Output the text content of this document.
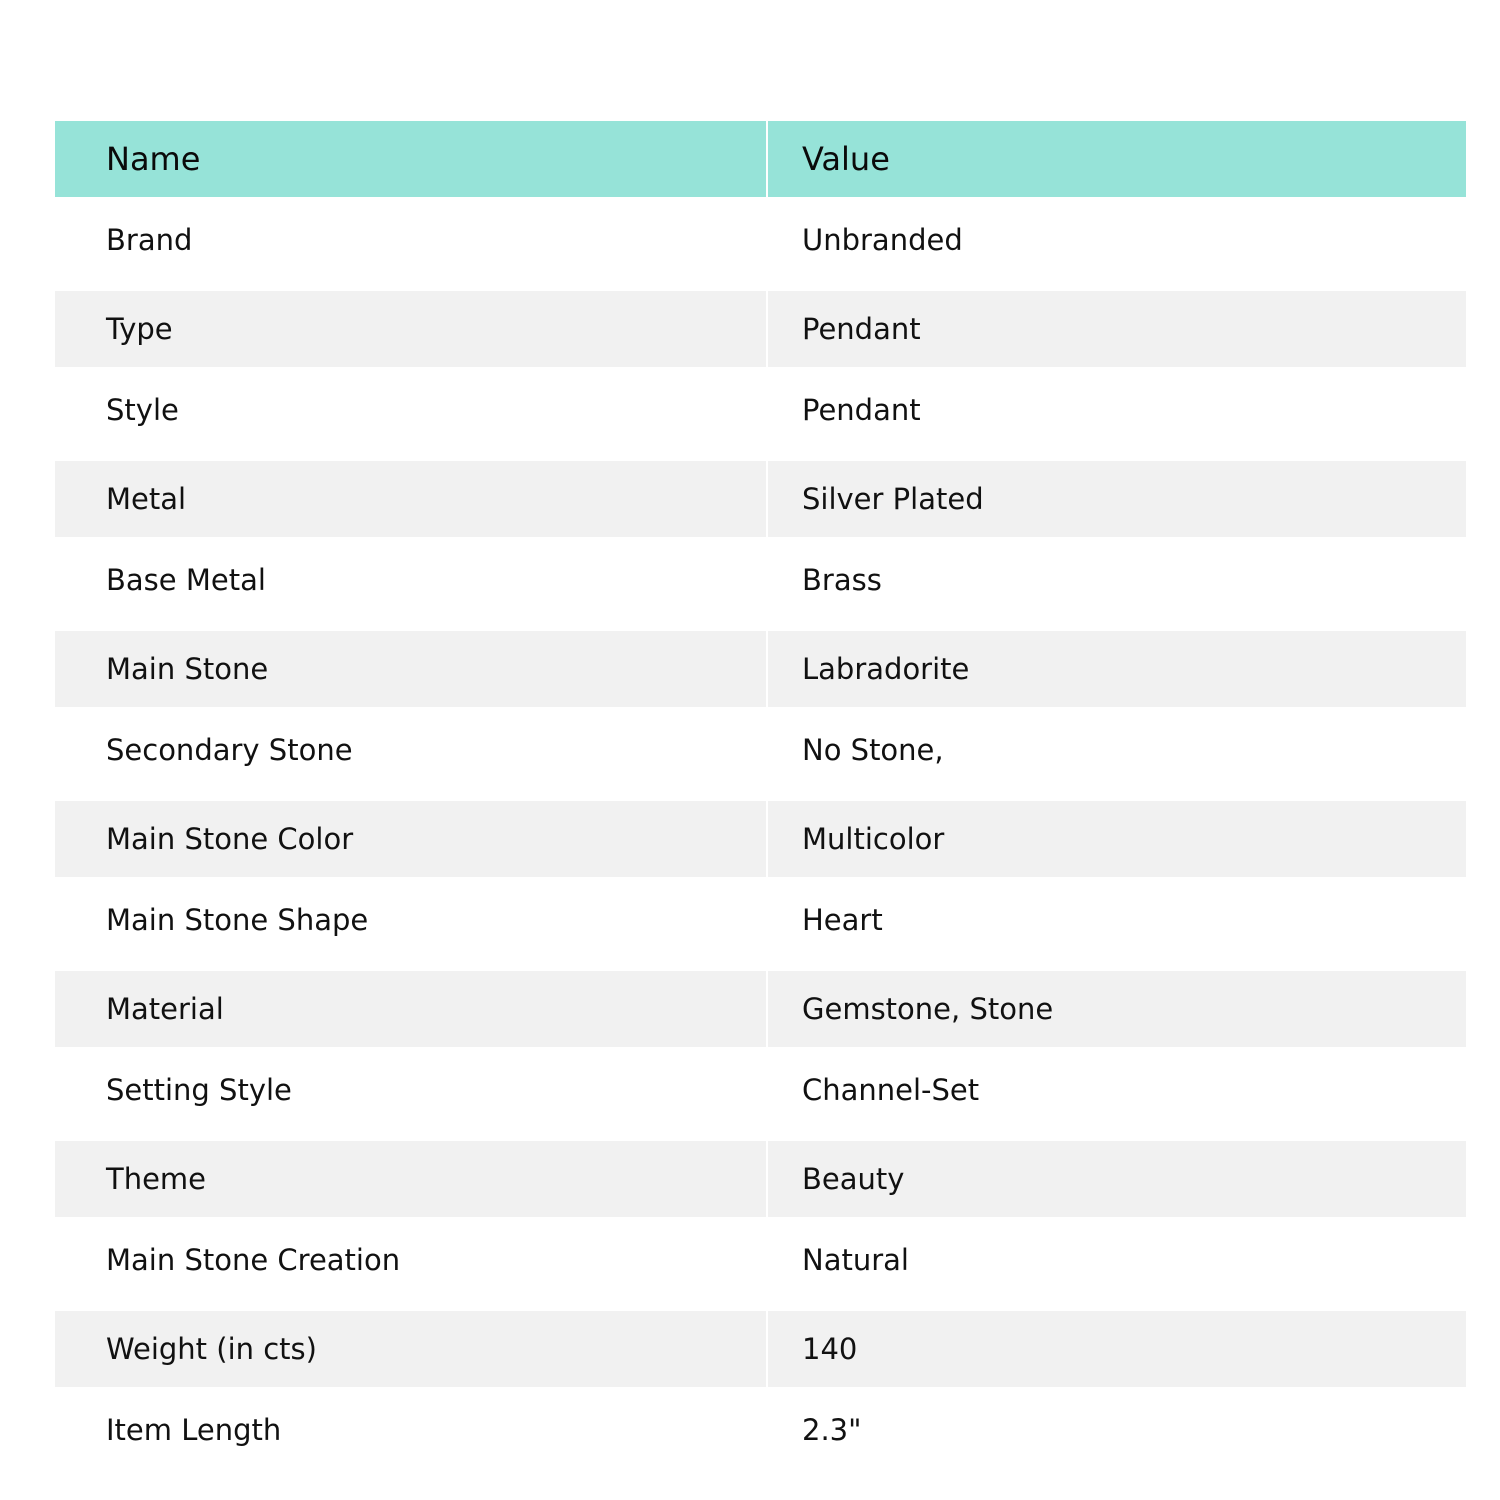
Name	Value
Brand	Unbranded
Type	Pendant
Style	Pendant
Metal	Silver Plated
Base Metal	Brass
Main Stone	Labradorite
Secondary Stone	No Stone,
Main Stone Color	Multicolor
Main Stone Shape	Heart
Material	Gemstone, Stone
Setting Style	Channel-Set
Theme	Beauty
Main Stone Creation	Natural
Weight (in cts)	140
Item Length	2.3"
